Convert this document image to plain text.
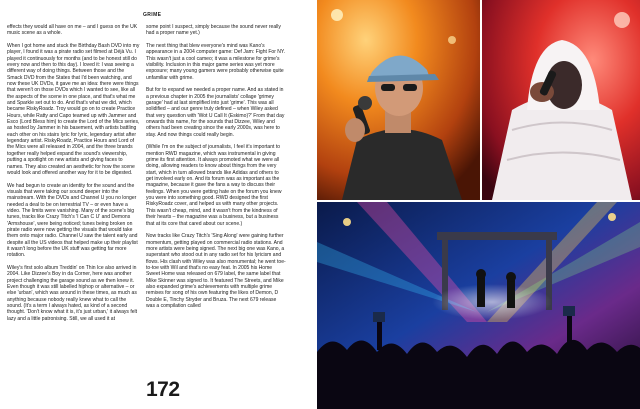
GRIME

effects they would all have on me – and I guess on the UK music scene as a whole.

When I got home and stuck the Birthday Bash DVD into my player, I found it was a pirate radio set filmed at Déjà Vu. I played it continuously for months (and to be honest still do every now and then to this day). I loved it: I was seeing a different way of doing things. Between those and the Smack DVD from the States that I'd been watching, and now these UK DVDs, it gave me an idea: there were things that weren't on those DVDs which I wanted to see, like all the aspects of the scene in one place, and that's what me and Sparkle set out to do. And that's what we did, which became RiskyRoadz. Troy would go on to create Practice Hours, while Ratty and Capo teamed up with Jammer and Esco (Lord Bless him) to create the Lord of the Mics series, as hosted by Jammer in his basement, with artists battling each other on his stairs lyric for lyric, legendary artist after legendary artist. RiskyRoadz, Practice Hours and Lord of the Mics were all released in 2004, and the three brands together really helped expand the sound's viewership, putting a spotlight on new artists and giving faces to names. They also created an aesthetic for how the scene would look and offered another way for it to be digested.

We had begun to create an identity for the sound and the visuals that were taking our sound deeper into the mainstream. With the DVDs and Channel U you no longer needed a deal to be on terrestrial TV – or even have a video. The limits were vanishing. Many of the scene's big tunes, tracks like Crazy Titch's 'I Can C U' and Demons 'Armshouse', were being noticed; tunes being broken on pirate radio were now getting the visuals that would take them onto major radio. Channel U saw the talent early and despite all the US videos that helped make up their playlist it wasn't long before the UK stuff was getting far more rotation.

Wiley's first solo album Treddin' on Thin Ice also arrived in 2004. Like Dizzee's Boy in da Corner, here was another project challenging the garage sound as we then knew it. Even though it was still labelled hiphop or alternative – or else 'urban', which was around in these times, as much as anything because nobody really knew what to call the sound. (It's a term I always hated, as kind of a second thought. 'Don't know what it is, it's just urban,' it always felt lazy and a little patronising. Still, we all used it at

some point I suspect, simply because the sound never really had a proper name yet.)

The next thing that blew everyone's mind was Kano's appearance in a 2004 computer game: Def Jam: Fight For NY. This wasn't just a cool cameo; it was a milestone for grime's visibility. Inclusion in this major game series was yet more exposure; many young gamers were probably otherwise quite unfamiliar with grime.

But for to expand we needed a proper name. And as stated in a previous chapter in 2005 the journalists' collage 'grimey garage' had at last simplified into just 'grime'. This was all solidified – and our genre truly defined – when Wiley asked that very question with 'Wot U Call It (Eskimo)?' From that day onwards this name, for the sounds that Dizzee, Wiley and others had been creating since the early 2000s, was here to stay. And now things could really begin.

(While I'm on the subject of journalists, I feel it's important to mention RWD magazine, which was instrumental in giving grime its first attention. It always promoted what we were all doing, allowing readers to know about things from the very start, which in turn allowed brands like Adidas and others to get involved early on. And its forum was as important as the magazine, because it gave the fans a way to discuss their feelings. When you were getting hate on the forum you knew you were into something good. RWD designed the first RiskyRoadz cover, and helped us with many other projects. This wasn't cheap, mind, and it wasn't from the kindness of their hearts – the magazine was a business, but a business that at its core that cared about our scene.)

Now tracks like Crazy Titch's 'Sing Along' were gaining further momentum, getting played on commercial radio stations. And more artists were being signed. The next big one was Kano, a superstant who stood out in any radio set for his lyricism and flows. His clash with Wiley was also monumental; he went toe-to-toe with Wil and that's no easy feat. In 2005 his Home Sweet Home was released on 679 label, the same label that Mike Skinner was signed to. It featured The Streets, and Mike also expanded grime's achievements with multiple grime remixes for song of his own featuring the likes of Demon, D Double E, Tinchy Stryder and Bruza. The next 679 release was a compilation called

172
